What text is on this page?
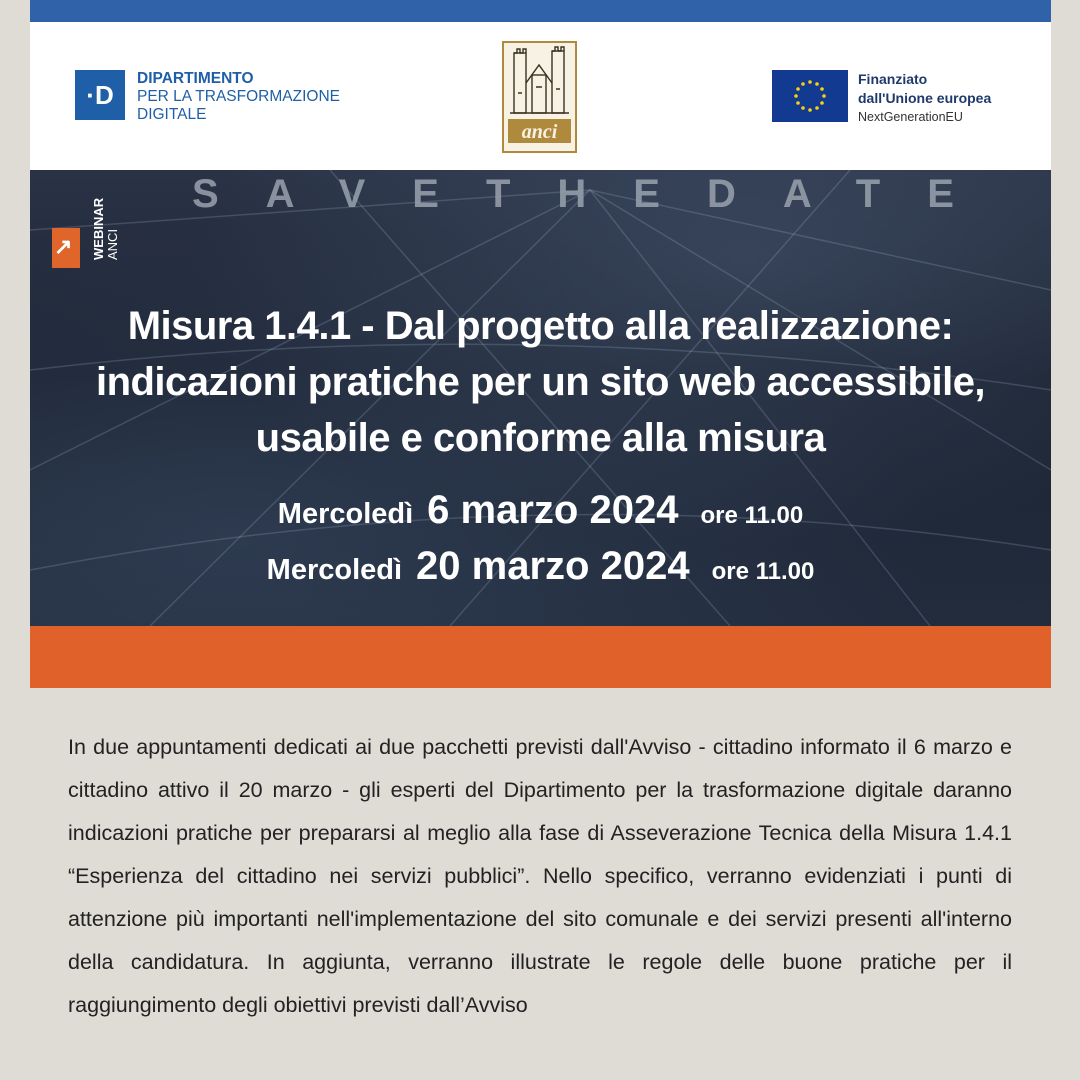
·D
DIPARTIMENTO
PER LA TRASFORMAZIONE
DIGITALE
anci
Finanziato
dall'Unione europea
NextGenerationEU
SAVETHEDATE
↗ WEBINAR ANCI
Misura 1.4.1 - Dal progetto alla realizzazione: indicazioni pratiche per un sito web accessibile, usabile e conforme alla misura
Mercoledì 6 marzo 2024 ore 11.00
Mercoledì 20 marzo 2024 ore 11.00
In due appuntamenti dedicati ai due pacchetti previsti dall'Avviso - cittadino informato il 6 marzo e cittadino attivo il 20 marzo - gli esperti del Dipartimento per la trasformazione digitale daranno indicazioni pratiche per prepararsi al meglio alla fase di Asseverazione Tecnica della Misura 1.4.1 “Esperienza del cittadino nei servizi pubblici”. Nello specifico, verranno evidenziati i punti di attenzione più importanti nell'implementazione del sito comunale e dei servizi presenti all'interno della candidatura. In aggiunta, verranno illustrate le regole delle buone pratiche per il raggiungimento degli obiettivi previsti dall’Avviso
